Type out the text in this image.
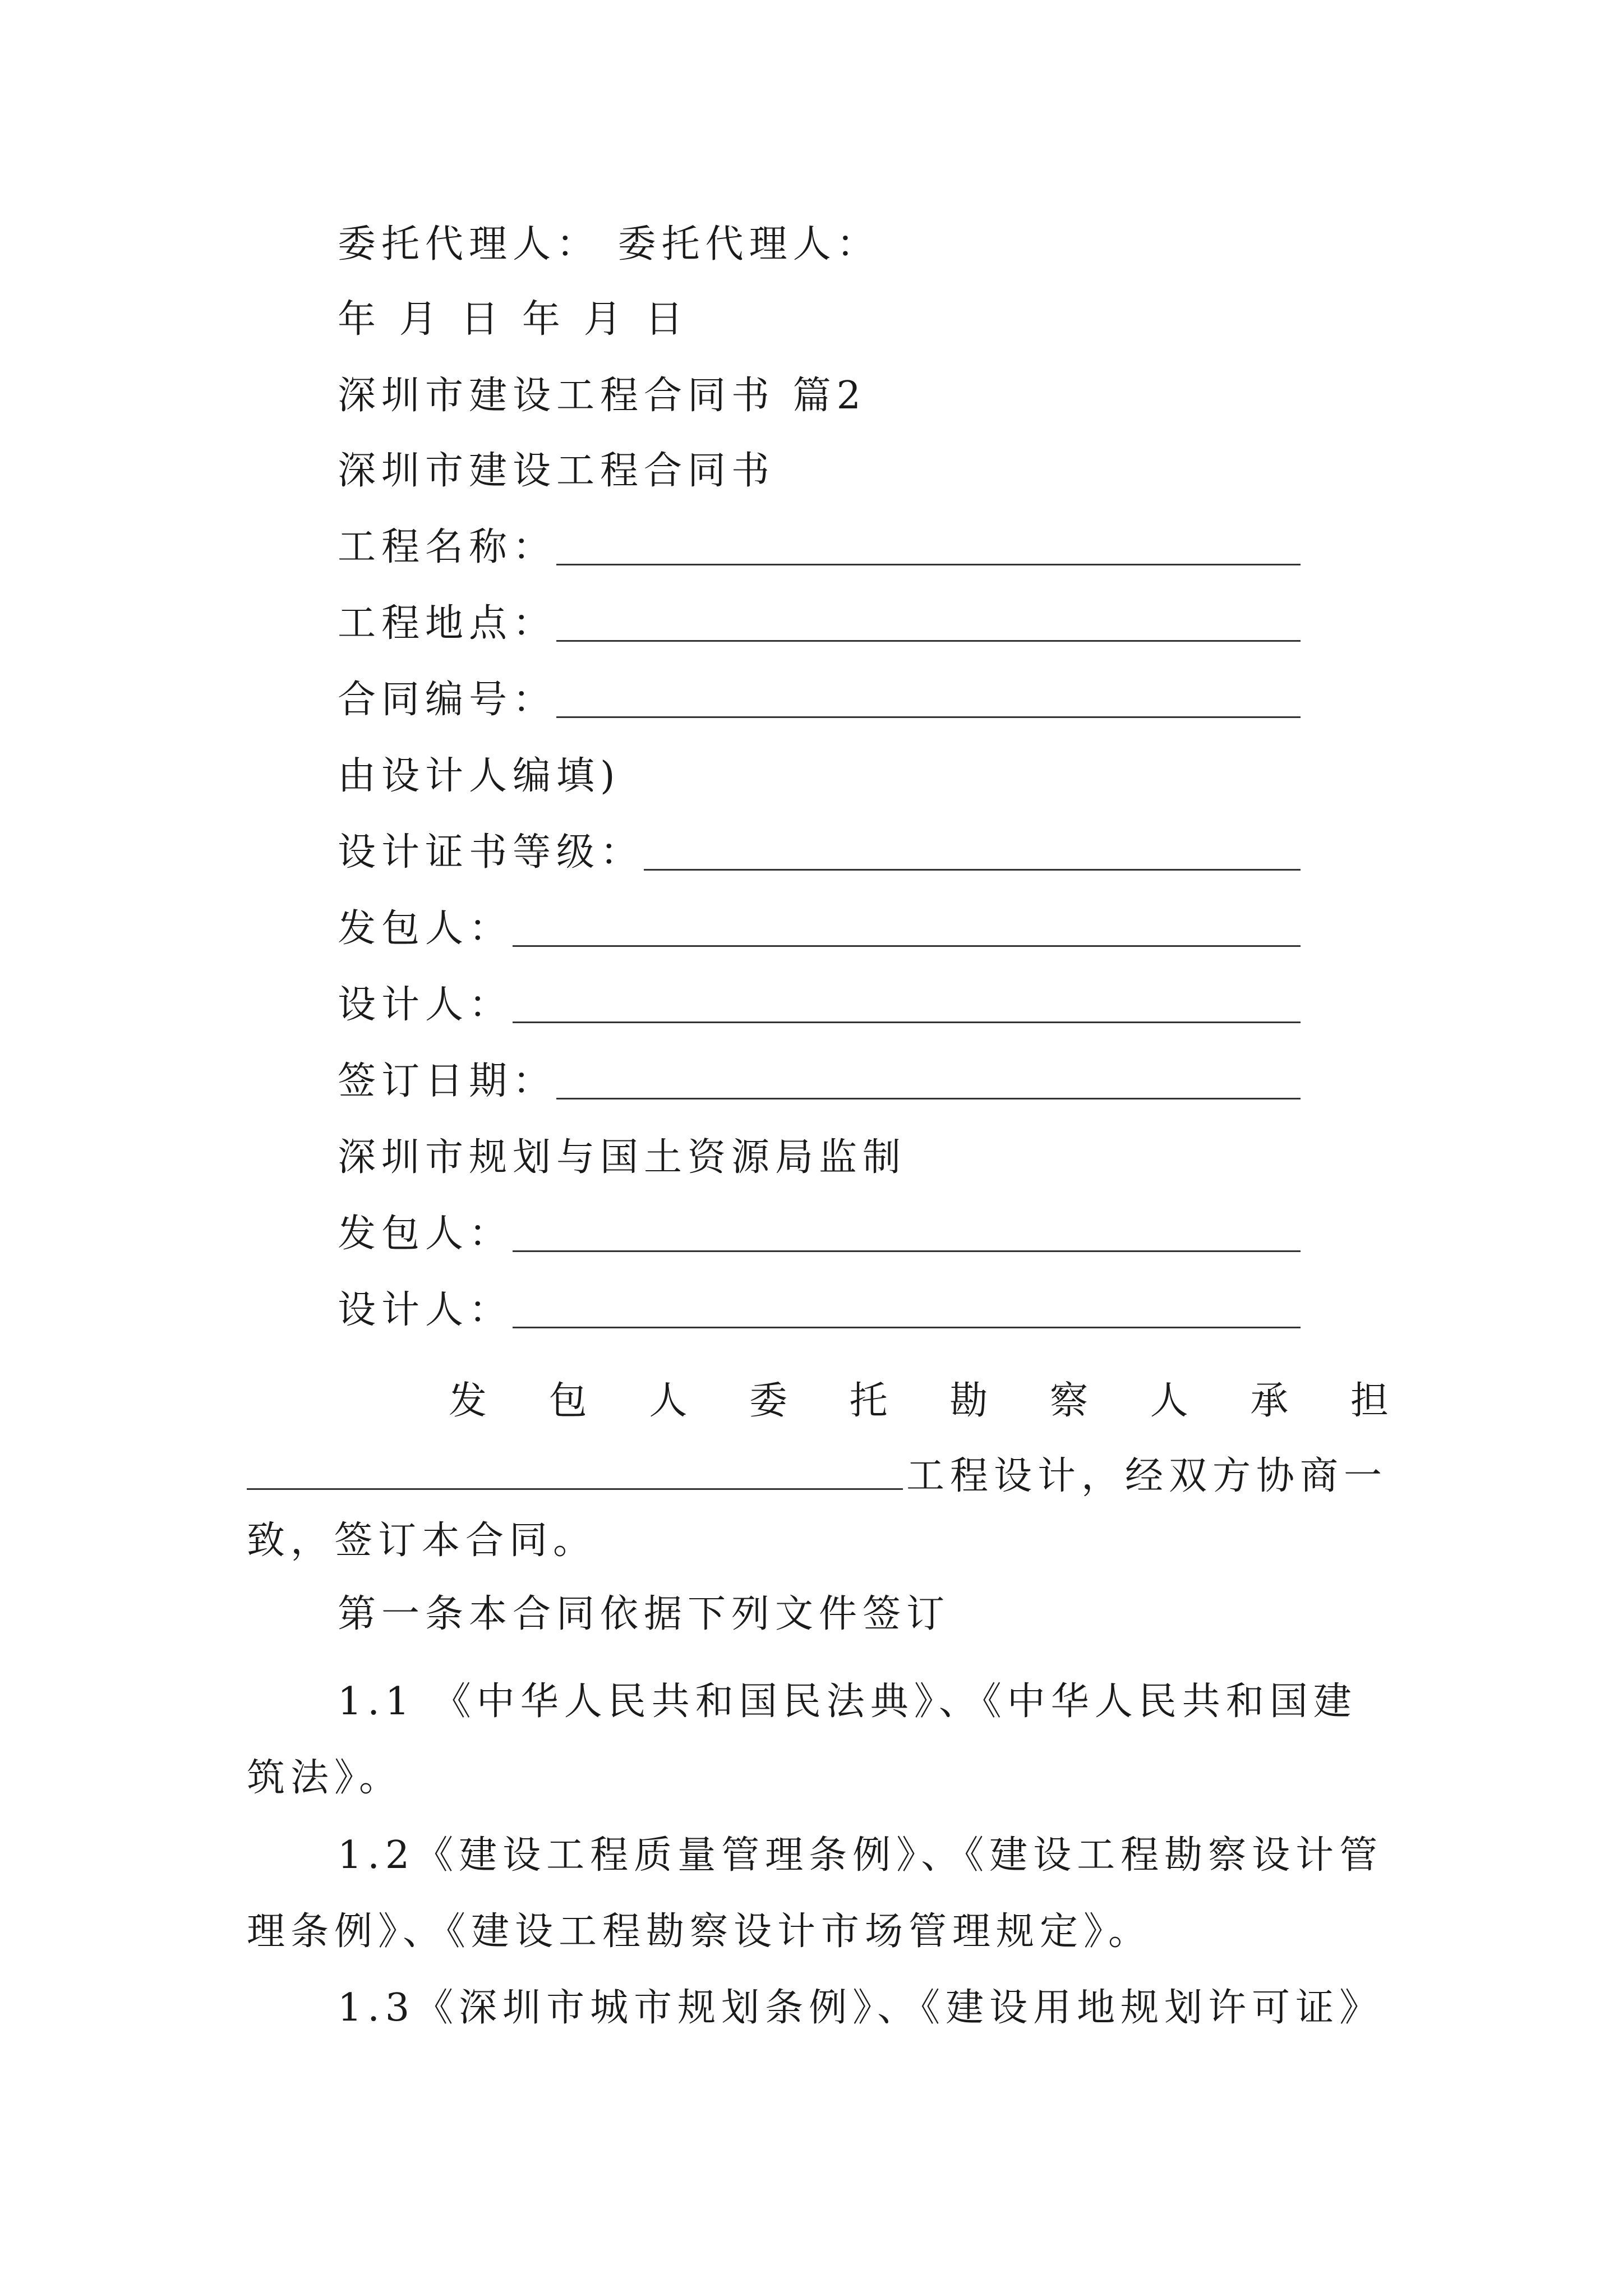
委托代理人： 委托代理人：
年 月 日 年 月 日
深圳市建设工程合同书 篇2
深圳市建设工程合同书
工程名称：
工程地点：
合同编号：
由设计人编填)
设计证书等级：
发包人：
设计人：
签订日期：
深圳市规划与国土资源局监制
发包人：
设计人：
发 包 人 委 托 勘 察 人 承 担
工程设计，经双方协商一
致，签订本合同。
第一条本合同依据下列文件签订
1.1 《中华人民共和国民法典》、《中华人民共和国建筑法》。
1.2《建设工程质量管理条例》、《建设工程勘察设计管理条例》、《建设工程勘察设计市场管理规定》。
1.3《深圳市城市规划条例》、《建设用地规划许可证》
